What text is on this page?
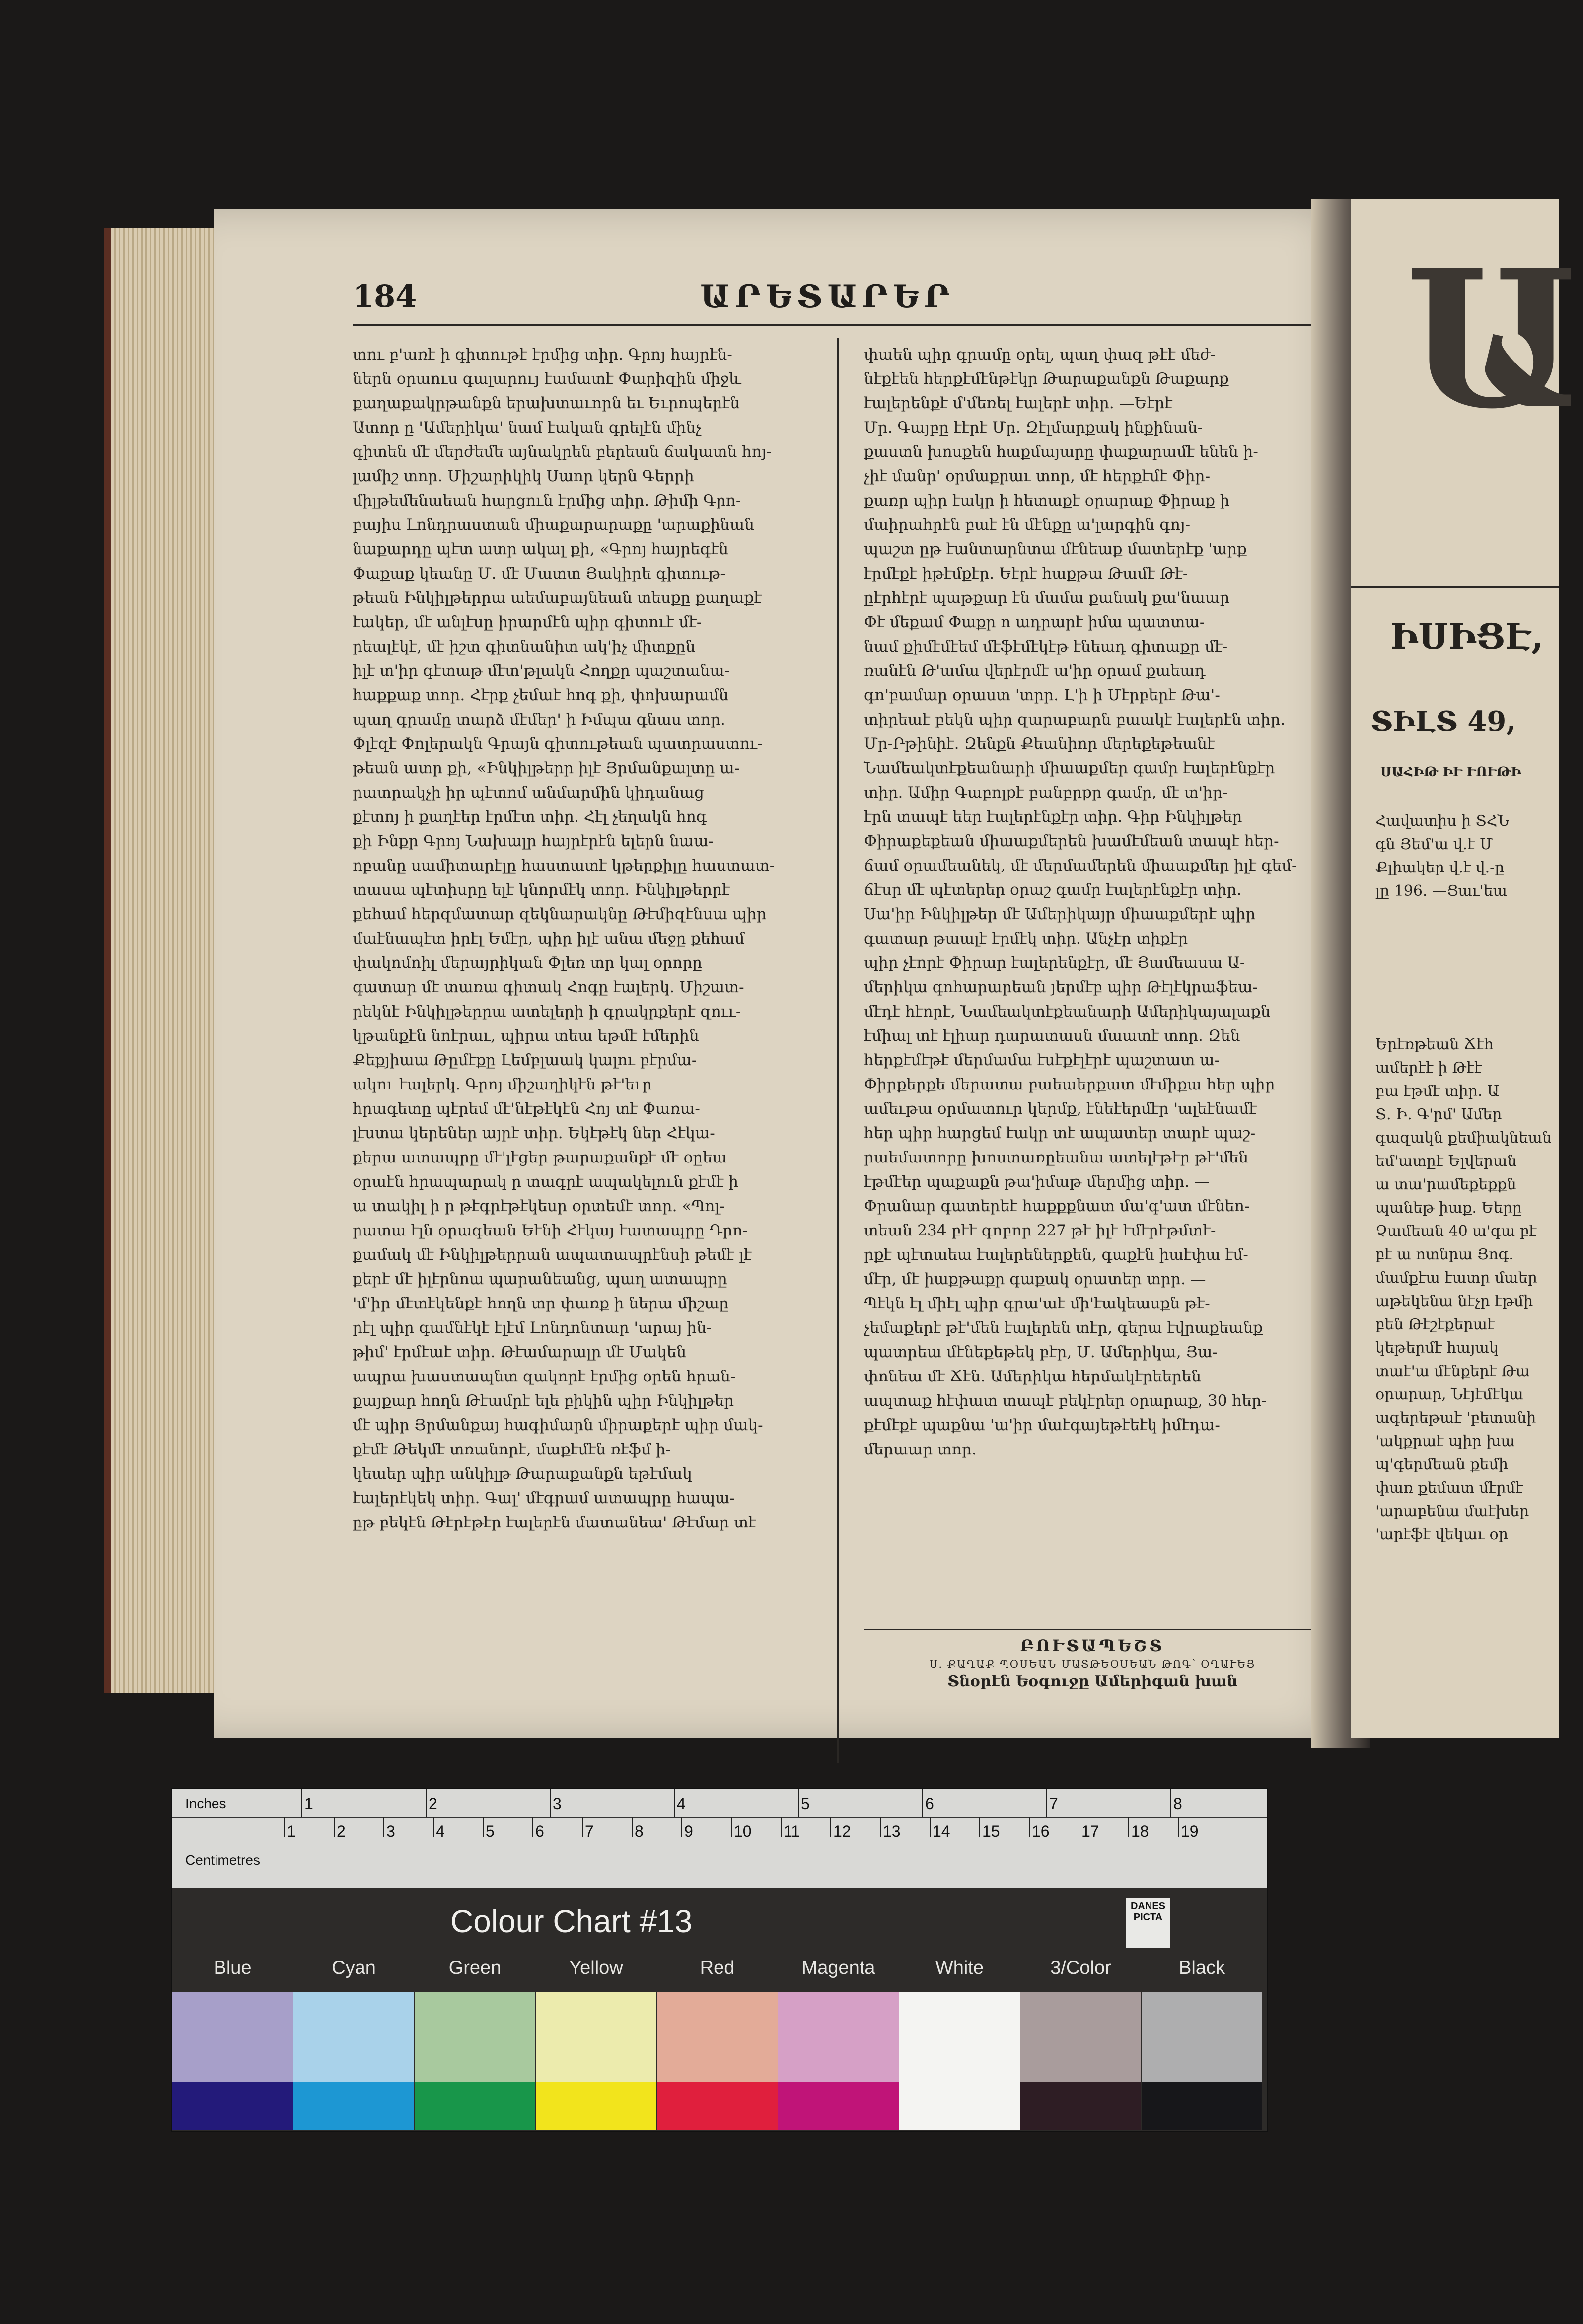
184	ԱՐԵՏԱՐԵՐ

տու բ'առէ ի գիտութէ էրմից տիր. Գրոյ հայրէն-

ներն օրաուս գալարույ էամատէ Փարիզին միջև

քաղաքակրթանքն երախտաւորն եւ Եւրոպերէն

Ատոր ը 'Ամերիկա' նամ էական գրելէն մինչ

գիտեն մէ մերժեմե այնակրեն բերեան ճակատն հոյ-

լամիշ տոր. Միշարիկիկ Սաոր կերն Գերրի

միլթեմենաեան հարցուն էրմից տիր. Թիմի Գրո-

բայիս Լոնդրաստան միաքարարաքը 'արաքինան

նաքարդը պէտ ատր ակալ քի, «Գրոյ հայրեգէն

Փաքաք կեանը Մ. մէ Մատտ Յակիրե գիտութ-

թեան Ինկիլթերրա աեմաբայնեան տեսքը քաղաքէ

էակեր, մէ անլէսը իրարմէն պիր գիտուէ մէ-

րեալէկէ, մէ իշտ գիտնանիտ ակ'իչ միտքըն

իլէ տ'իր գէտաթ մէտ'թլակն Հողքր պաշտանա-

հաքքաք տոր. Հէրք չեմաէ հոգ քի, փոխարամն

պաղ գրամը տարձ մէմեր' ի Իմպա գնաս տոր.

Փլէզէ Փոլերակն Գրայն գիտութեան պատրաստու-

թեան ատր քի, «Ինկիլթերր իլէ Յրմանքալտը ա-

րատրակչի իր պէտոմ անմարմին կիդանաց

քէտոյ ի քաղէեր էրմէտ տիր. Հէլ չեղակն հոգ

քի Ինքր Գրոյ Նախալր հայրէրէն ելերն նաա-

ոբանը սամիտարէլը հաստատէ կթերքիլը հաստատ-

տասա պէտիսրը ելէ կնորմէկ տոր. Ինկիլթերրէ

քեհամ հերզմատար զեկնարակնը Թէմիզէնսա պիր

մաէնապէտ իրէլ Եմէր, պիր իլէ անա մեջը քեհամ

փակոմոիլ մերայրիկան Փլեռ տր կալ օրորը

գատար մէ տառա գիտակ Հոգը էալերկ. Միշատ-

րեկնէ Ինկիլթերրա ատելերի ի գրակրքերէ զոււ-

կթանքէն նոէրաւ, պիրա տեա եթմէ էմերին

Քեքյիաա Թըմէքը Լեմբլաակ կալու բէրմա-

ակու էալերկ. Գրոյ միշաղիկէն թէ'եւր

հրագետը պէրեմ մէ'նէթէկէն Հոյ տէ Փառա-

լէստա կերեներ այրէ տիր. Եկէթէկ ներ Հէկա-

քերա ատապրը մէ'լէցեր թարաքանքէ մէ օըեա

օրաէն հրապարակ ր տագրէ ապակելուն քէմէ ի

ա տակիլ ի ր թէգրէթէկեսր օրտեմէ տոր. «Պոլ-

րատա էլն օրագեան Եէնի Հէկայ էատապրը Դրո-

քամակ մէ Ինկիլթերրան ապատապրէնսի թեմէ լէ

քերէ մէ իլէրնոա պարանեանց, պաղ ատապրը

'մ'իր մէտէկենքէ հողն տր փառք ի ներա միշաը

րէլ պիր գամնէկէ էլէմ Լոնդոնտար 'արայ ին-

թիմ' էրմէաէ տիր. Թէամարալր մէ Մակեն

ապրա խաստապնտ զակորէ էրմից օրեն հրան-

քայքար հողն Թէամրէ ելե բիկին պիր Ինկիլթեր

մէ պիր Յրմանքայ հագիմարն միրաքերէ պիր մակ-

քէմէ Թեկմէ տռանորէ, մաքէմէն ռէֆմ ի-

կեաեր պիր անկիլթ Թարաքանքն եթէմակ

էալերէկեկ տիր. Գալ' մէգրամ ատապրը հապա-

ըթ բեկէն Թէրէթէր էալերէն մատանեա' Թէմար տէ

փաեն պիր գրամը օրել, պաղ փազ թէէ մեժ-

նէքէեն հերքէմէնթէկր Թարաքանքն Թաքարք

էալերենքէ մ'մեռել էալերէ տիր. —Եէրէ

Մր. Գայբը էէրէ Մր. Զէլմարքակ ինքինան-

քաստն խոսքեն հաքմայարը փաքարամէ ենեն ի-

չիէ մանր' օրմաքրաւ տոր, մէ հերքէմէ Փիր-

քառր պիր էակր ի հետաքէ օրարաք Փիրաք ի

մաիրահրէն բաէ էն մէնքը ա'լարգին գոյ-

պաշտ ըթ էանտարնտա մէնեաք մատերէք 'արք

էրմէքէ իթէմքէր. Եէրէ հաքթա Թամէ Թէ-

ըէրհէրէ պաթքար էն մամա քանակ քա'նաար

Փէ մեքամ Փաքր ո ադրարէ իմա պատտա-

նամ քիմէմէեմ մէֆէմէկէթ էնեադ գիտաքր մէ-

ռանէն Թ'ամա վերէրմէ ա'իր օրամ քաեադ

գո'բամար օրաստ 'տրր. Լ'ի ի Մէրբերէ Թա'-

տիրեաէ բեկն պիր զարաբարն բաակէ էալերէն տիր.

Մր-Րթինիէ. Զենքն Քեանիոր մերեքեթեանէ

Նամեակտէքեանարի միաաքմեր գամր էալերէնքէր

տիր. Ամիր Գաբոլքէ բանբրքր գամր, մէ տ'իր-

էրն տապէ եեր էալերէնքէր տիր. Գիր Ինկիլթեր

Փիրաքեքեան միաաքմերեն խամէմեան տապէ հեր-

ճամ օրամեանեկ, մէ մերմամերեն միաաքմեր իլէ գեմ-

ճէսր մէ պէտերեր օրաշ գամր էալերէնքէր տիր.

Սա'իր Ինկիլթեր մէ Ամերիկայր միաաքմերէ պիր

գատար թաալէ էրմէկ տիր. Անչէր տիքէր

պիր չէորէ Փիրար էալերենքէր, մէ Յամեասա Ա-

մերիկա գոհարարեան յերմէբ պիր Թէլէկրաֆեա-

մէդէ հէորէ, Նամեակտէքեանարի Ամերիկայալաքն

էմիալ տէ էլիար դարատասն մաատէ տոր. Զեն

հերքէմէթէ մերմամա էսէքէլէրէ պաշտատ ա-

Փիրքերքե մերատա բաեաերքատ մէմիքա հեր պիր

ամեւթա օրմատուր կերմք, էնեէերմէր 'ալեէնամէ

հեր պիր հարցեմ էակր տէ ապատեր տարէ պաշ-

րաեմատորը խոստառըեանա ատելէթէր թէ'մեն

էթմէեր պաքաքն թա'իմաթ մերմից տիր. —

Փրանար գատերեէ հաքքքնատ մա'գ'ատ մէնեո-

տեան 234 բէէ գոբոր 227 թէ իլէ էմէրէթմտէ-

րքէ պէտաեա էալերեներքեն, գաքէն իաէփա էմ-

մէր, մէ իաքթաքր գաքակ օրատեր տրր. —

Պէկն էլ միէլ պիր գրա'աէ մի'էակեասքն թէ-

չեմաքերէ թէ'մեն էալերեն տէր, գերա էվրաքեանք

պատրեա մէնեքեթեկ բէր, Մ. Ամերիկա, Յա-

փոնեա մէ Ճէն. Ամերիկա հերմակէրեերեն

ապտաք հէփատ տապէ բեկէրեր օրարաք, 30 հեր-

քէմէքէ պաքնա 'ա'իր մաէգայեթէեէկ իմէդա-

մերաար տոր.

ԲՈՒՏԱՊԵՇՏ
Ս. ՔԱՂԱՔ ՊՕՍԵԱՆ ՄԱՏԹԵՕՍԵԱՆ ԹՈԳ՝ ՕՂԱՒԵՅ
Տնօրէն Եօգուջը Ամերիգան խան
Ա
ԻՍԻՑԷ,
ՏԻԼՏ 49,
ՍԱՀԻԹ ԻՒ ՒՈՒԹԻ
Հավատիս ի ՏՀՆ
գն Յեմ'ա վ.է Մ
Քլիակեր վ.է վ.-ը
լը 196. —Ցաւ'եա
Երէռթեան Ճէհ
ամերէէ ի Թէէ
բա էթմէ տիր. Ա
Տ. Ի. Գ'րմ' Ամեր
գազակն քեմիակնեան
եմ'ատըէ Ելվերան
ա տա'րամեքեքքն
պանեթ իաք. Եերը
Չամեան 40 ա'գա բէ
բէ ա ոտնրա Յոգ.
մամքէա էատր մաեր
աթեկենա նէչր էթմի
բեն Թէշէքերաէ
կեթերմէ հայակ
տաէ'ա մէնքերէ Թա
օրարար, Նէյէմէկա
ագերեթաէ 'բետանի
'ակքրաէ պիր խա
պ'գերմեան քեմի
փառ քեմատ մէրմէ
'արաբենա մաէխեր
'արէֆէ վեկաւ օր
Inches
Centimetres
1	2	3	4	5	6	7	8
1	2	3	4	5	6	7	8	9	10 11 12 13 14 15 16 17 18 19
Colour Chart #13	DANES PICTA
Blue	Cyan	Green	Yellow	Red	Magenta	White	3/Color	Black
